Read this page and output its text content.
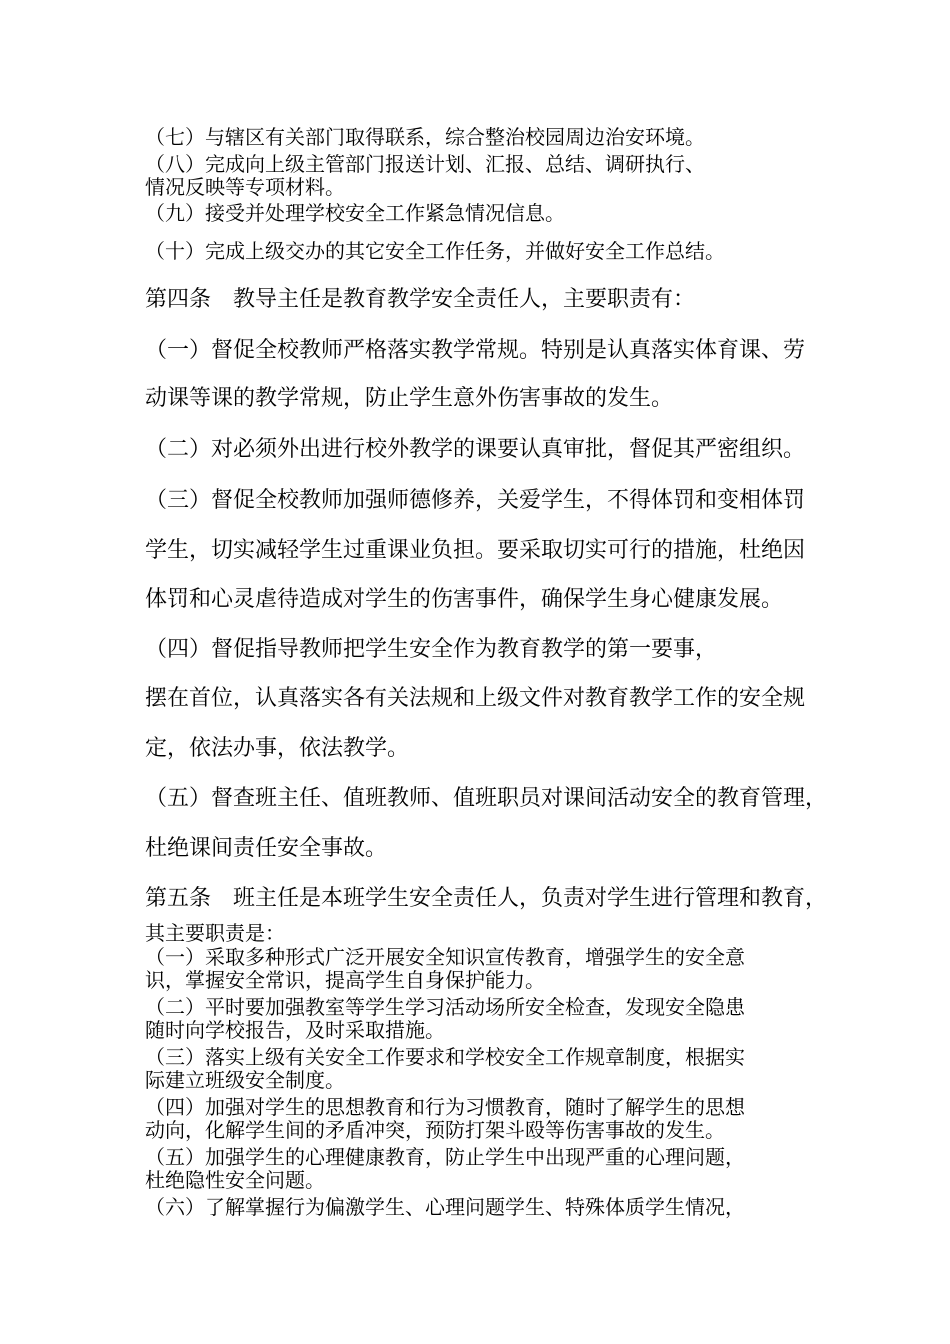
（七）与辖区有关部门取得联系，综合整治校园周边治安环境。

（八）完成向上级主管部门报送计划、汇报、总结、调研执行、

情况反映等专项材料。

（九）接受并处理学校安全工作紧急情况信息。

（十）完成上级交办的其它安全工作任务，并做好安全工作总结。

第四条　教导主任是教育教学安全责任人，主要职责有：

（一）督促全校教师严格落实教学常规。特别是认真落实体育课、劳

动课等课的教学常规，防止学生意外伤害事故的发生。

（二）对必须外出进行校外教学的课要认真审批，督促其严密组织。

（三）督促全校教师加强师德修养，关爱学生，不得体罚和变相体罚

学生，切实减轻学生过重课业负担。要采取切实可行的措施，杜绝因

体罚和心灵虐待造成对学生的伤害事件，确保学生身心健康发展。

（四）督促指导教师把学生安全作为教育教学的第一要事，

摆在首位，认真落实各有关法规和上级文件对教育教学工作的安全规

定，依法办事，依法教学。

（五）督查班主任、值班教师、值班职员对课间活动安全的教育管理，

杜绝课间责任安全事故。

第五条　班主任是本班学生安全责任人，负责对学生进行管理和教育，

其主要职责是：

（一）采取多种形式广泛开展安全知识宣传教育，增强学生的安全意

识，掌握安全常识，提高学生自身保护能力。

（二）平时要加强教室等学生学习活动场所安全检查，发现安全隐患

随时向学校报告，及时采取措施。

（三）落实上级有关安全工作要求和学校安全工作规章制度，根据实

际建立班级安全制度。

（四）加强对学生的思想教育和行为习惯教育，随时了解学生的思想

动向，化解学生间的矛盾冲突，预防打架斗殴等伤害事故的发生。

（五）加强学生的心理健康教育，防止学生中出现严重的心理问题，

杜绝隐性安全问题。

（六）了解掌握行为偏激学生、心理问题学生、特殊体质学生情况，
